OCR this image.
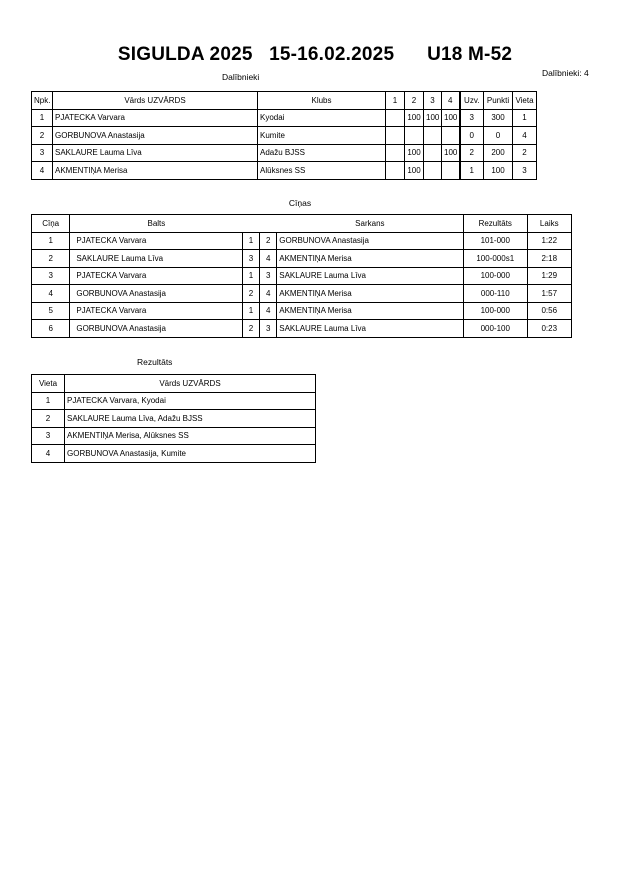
SIGULDA 2025 15-16.02.2025 U18 M-52
Dalībnieki	Dalībnieki: 4
Npk.	Vārds UZVĀRDS	Klubs	1	2	3	4	Uzv.	Punkti	Vieta
1	PJATECKA Varvara	Kyodai		100	100	100	3	300	1
2	GORBUNOVA Anastasija	Kumite					0	0	4
3	SAKLAURE Lauma Līva	Adažu BJSS		100		100	2	200	2
4	AKMENTIŅA Merisa	Alūksnes SS		100			1	100	3
Cīņas
Cīņa	Balts			Sarkans	Rezultāts	Laiks
1	PJATECKA Varvara	1	2	GORBUNOVA Anastasija	101-000	1:22
2	SAKLAURE Lauma Līva	3	4	AKMENTIŅA Merisa	100-000s1	2:18
3	PJATECKA Varvara	1	3	SAKLAURE Lauma Līva	100-000	1:29
4	GORBUNOVA Anastasija	2	4	AKMENTIŅA Merisa	000-110	1:57
5	PJATECKA Varvara	1	4	AKMENTIŅA Merisa	100-000	0:56
6	GORBUNOVA Anastasija	2	3	SAKLAURE Lauma Līva	000-100	0:23
Rezultāts
Vieta	Vārds UZVĀRDS
1	PJATECKA Varvara, Kyodai
2	SAKLAURE Lauma Līva, Adažu BJSS
3	AKMENTIŅA Merisa, Alūksnes SS
4	GORBUNOVA Anastasija, Kumite
